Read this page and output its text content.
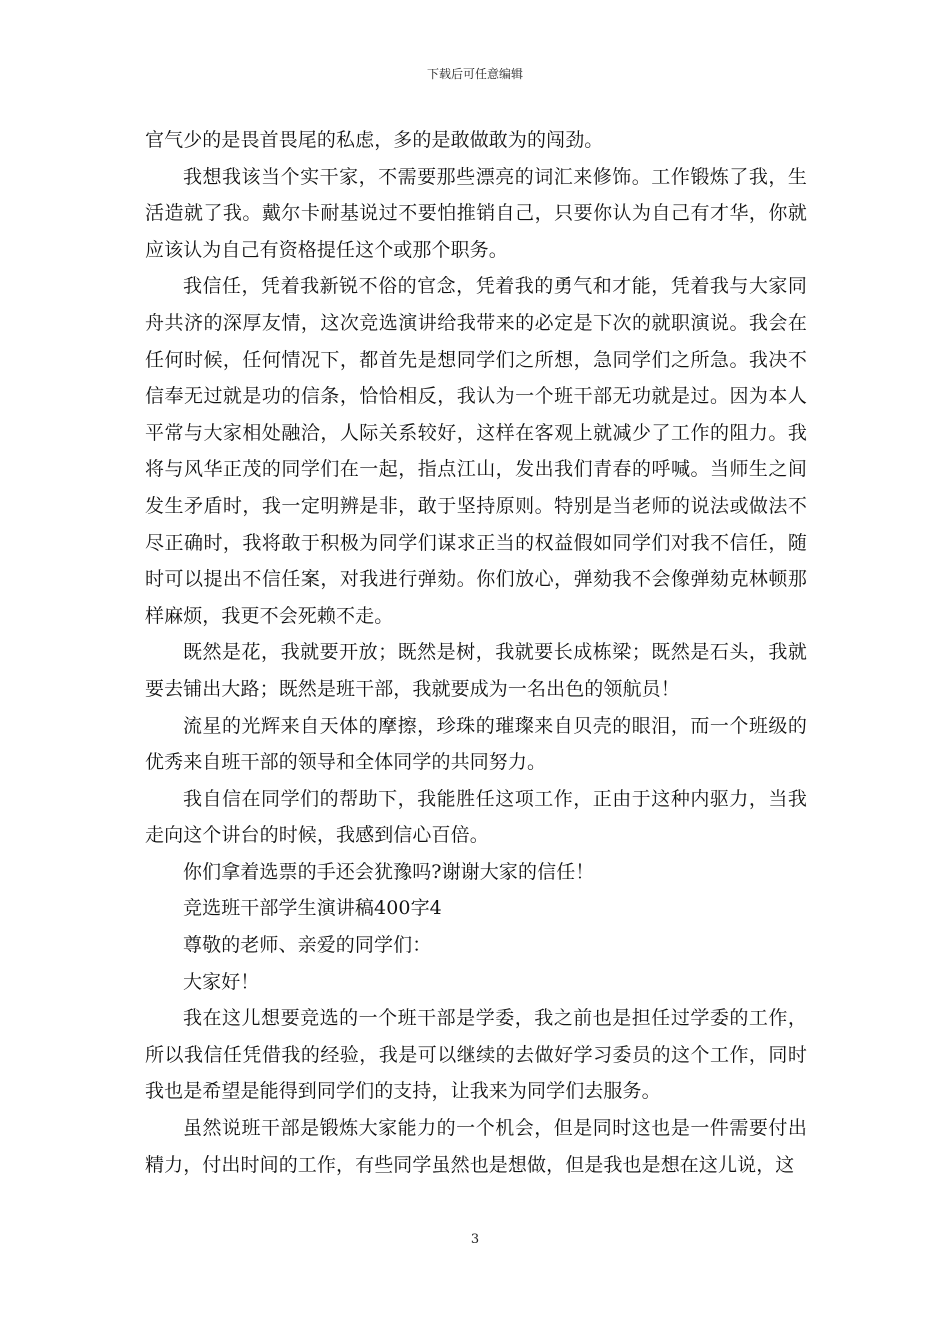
下载后可任意编辑

官气少的是畏首畏尾的私虑，多的是敢做敢为的闯劲。

我想我该当个实干家，不需要那些漂亮的词汇来修饰。工作锻炼了我，生活造就了我。戴尔卡耐基说过不要怕推销自己，只要你认为自己有才华，你就应该认为自己有资格提任这个或那个职务。

我信任，凭着我新锐不俗的官念，凭着我的勇气和才能，凭着我与大家同舟共济的深厚友情，这次竞选演讲给我带来的必定是下次的就职演说。我会在任何时候，任何情况下，都首先是想同学们之所想，急同学们之所急。我决不信奉无过就是功的信条，恰恰相反，我认为一个班干部无功就是过。因为本人平常与大家相处融洽，人际关系较好，这样在客观上就减少了工作的阻力。我将与风华正茂的同学们在一起，指点江山，发出我们青春的呼喊。当师生之间发生矛盾时，我一定明辨是非，敢于坚持原则。特别是当老师的说法或做法不尽正确时，我将敢于积极为同学们谋求正当的权益假如同学们对我不信任，随时可以提出不信任案，对我进行弹劾。你们放心，弹劾我不会像弹劾克林顿那样麻烦，我更不会死赖不走。

既然是花，我就要开放；既然是树，我就要长成栋梁；既然是石头，我就要去铺出大路；既然是班干部，我就要成为一名出色的领航员！

流星的光辉来自天体的摩擦，珍珠的璀璨来自贝壳的眼泪，而一个班级的优秀来自班干部的领导和全体同学的共同努力。

我自信在同学们的帮助下，我能胜任这项工作，正由于这种内驱力，当我走向这个讲台的时候，我感到信心百倍。

你们拿着选票的手还会犹豫吗?谢谢大家的信任！

竞选班干部学生演讲稿400字4

尊敬的老师、亲爱的同学们：

大家好！

我在这儿想要竞选的一个班干部是学委，我之前也是担任过学委的工作，所以我信任凭借我的经验，我是可以继续的去做好学习委员的这个工作，同时我也是希望是能得到同学们的支持，让我来为同学们去服务。

虽然说班干部是锻炼大家能力的一个机会，但是同时这也是一件需要付出精力，付出时间的工作，有些同学虽然也是想做，但是我也是想在这儿说，这

3
